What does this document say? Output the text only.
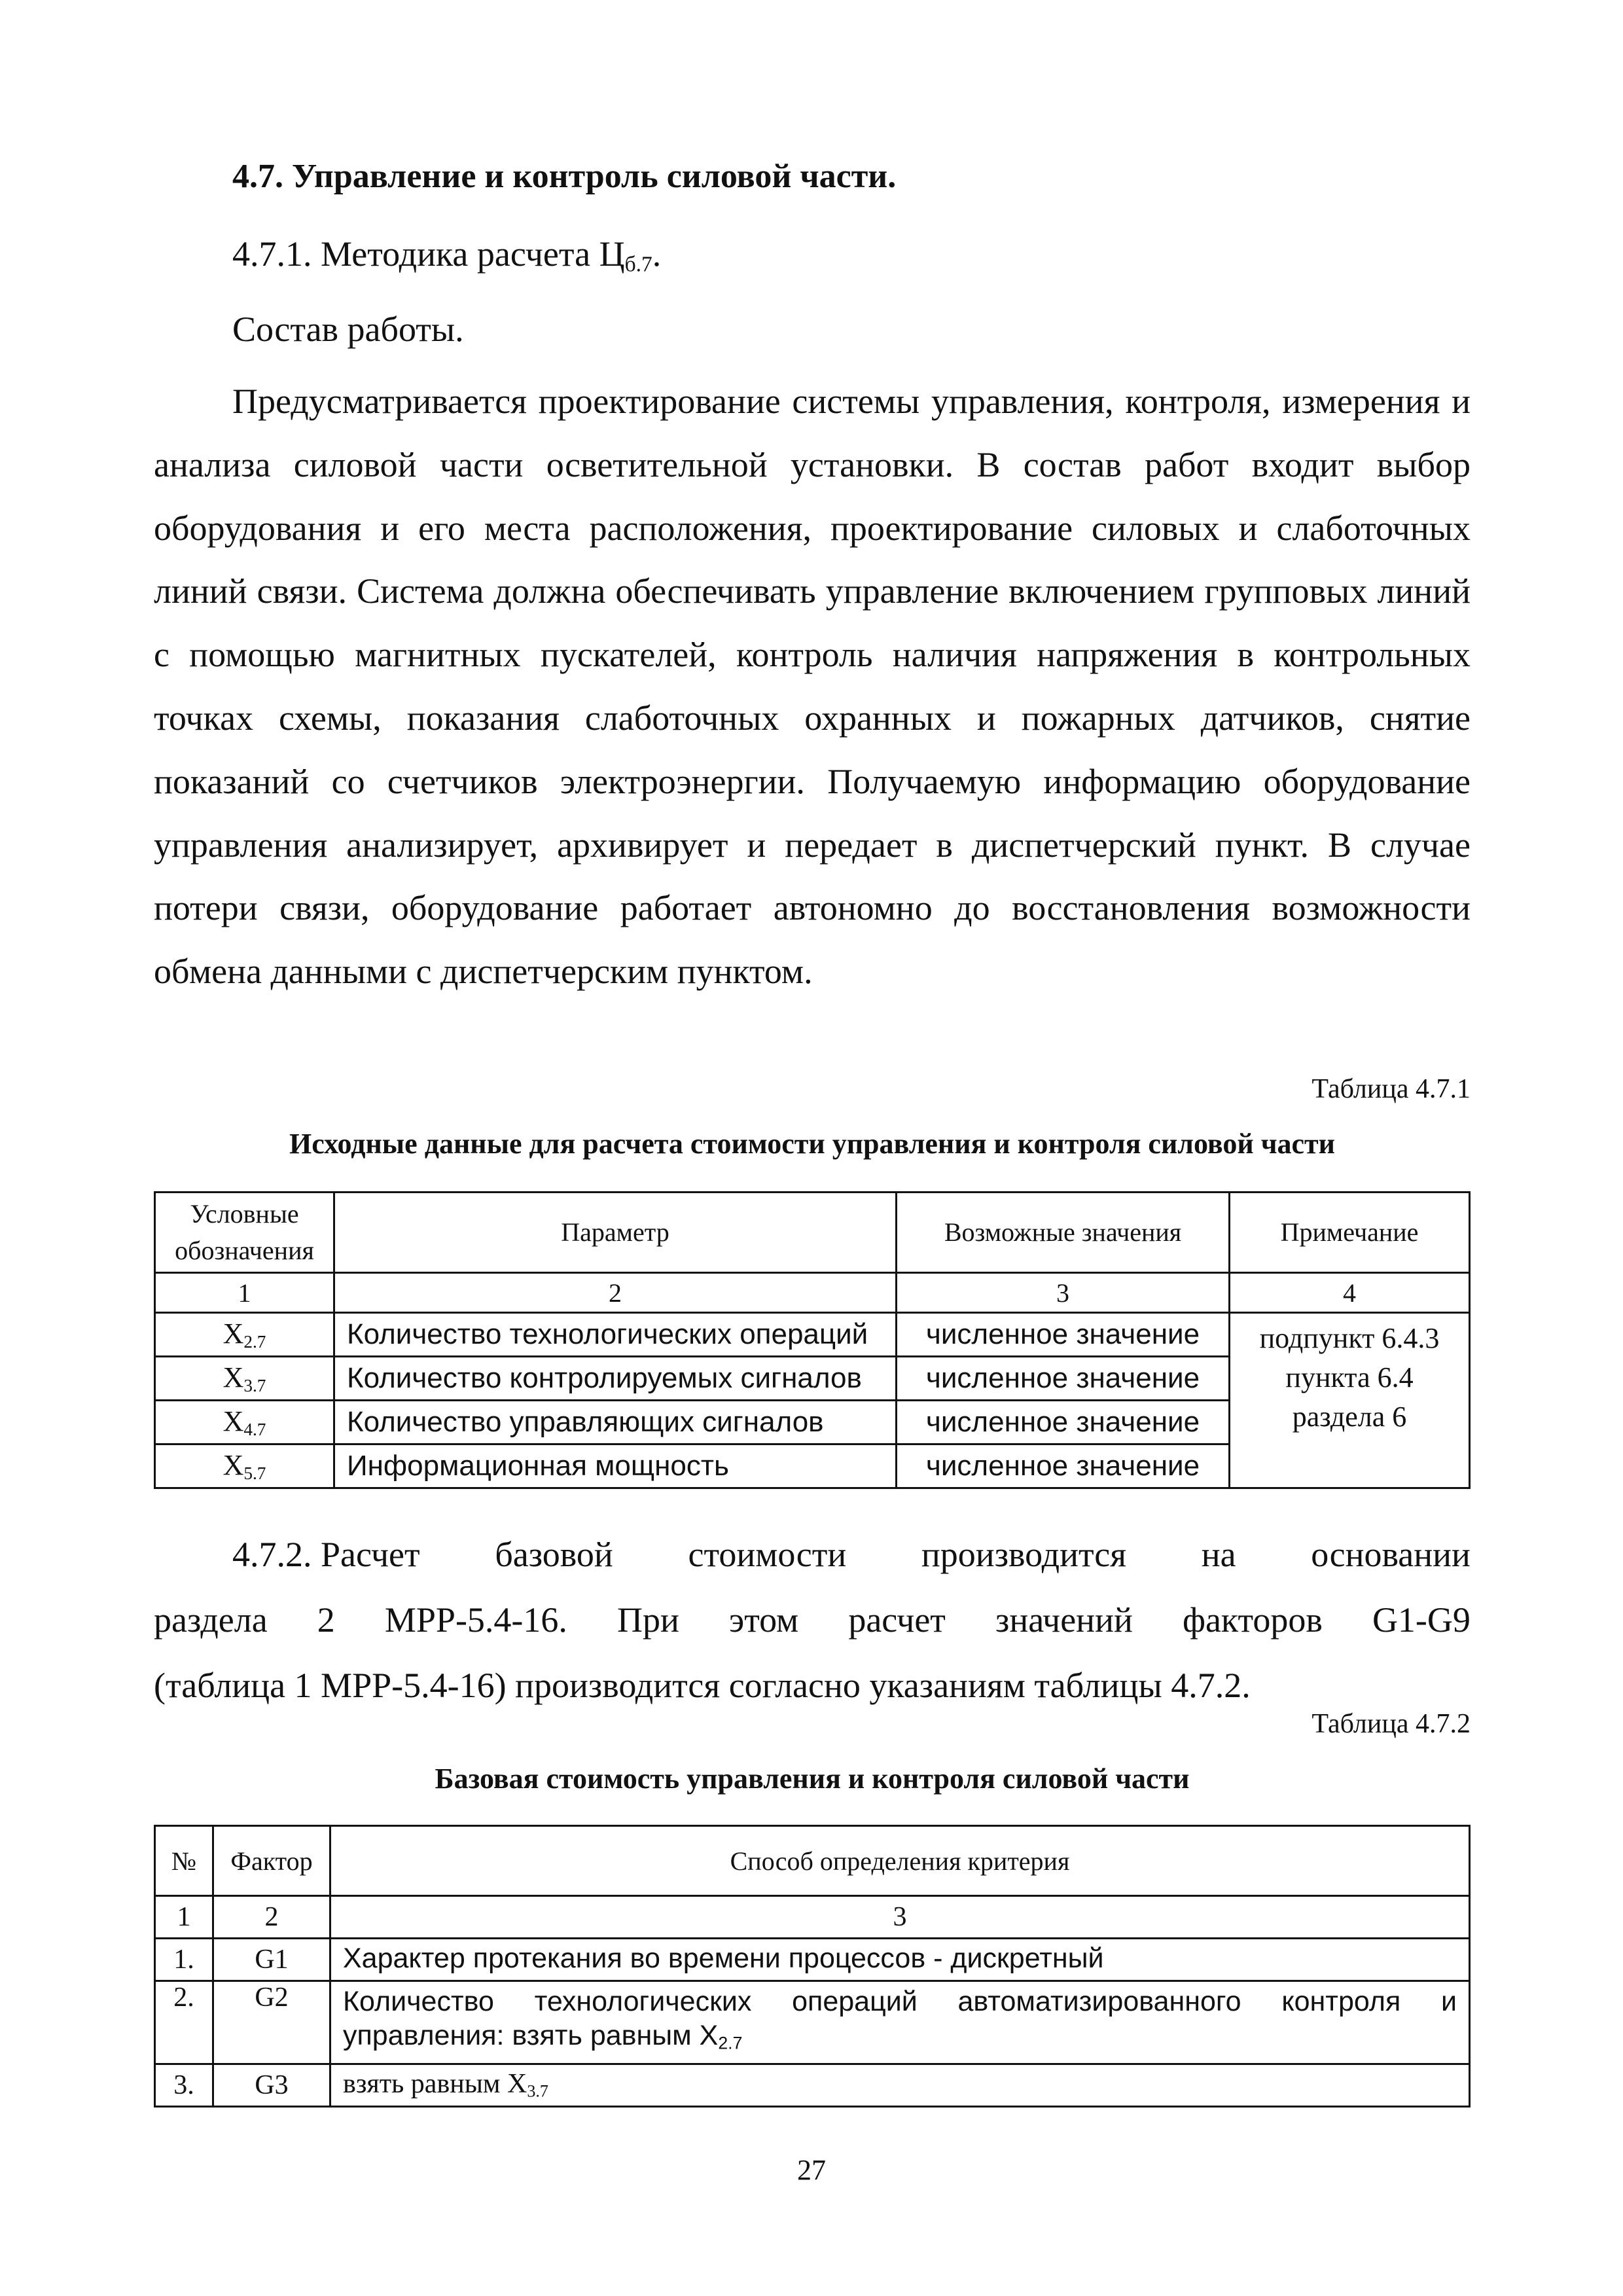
4.7. Управление и контроль силовой части.
4.7.1. Методика расчета $Ц_{б.7}$.
Состав работы.
Предусматривается проектирование системы управления, контроля, измерения и анализа силовой части осветительной установки. В состав работ входит выбор оборудования и его места расположения, проектирование силовых и слаботочных линий связи. Система должна обеспечивать управление включением групповых линий с помощью магнитных пускателей, контроль наличия напряжения в контрольных точках схемы, показания слаботочных охранных и пожарных датчиков, снятие показаний со счетчиков электроэнергии. Получаемую информацию оборудование управления анализирует, архивирует и передает в диспетчерский пункт. В случае потери связи, оборудование работает автономно до восстановления возможности обмена данными с диспетчерским пунктом.
Таблица 4.7.1
Исходные данные для расчета стоимости управления и контроля силовой части
Условные обозначения	Параметр	Возможные значения	Примечание
1	2	3	4
$X_{2.7}$	Количество технологических операций	численное значение	подпункт 6.4.3 пункта 6.4 раздела 6
$X_{3.7}$	Количество контролируемых сигналов	численное значение	
$X_{4.7}$	Количество управляющих сигналов	численное значение	
$X_{5.7}$	Информационная мощность	численное значение	
4.7.2. Расчет базовой стоимости производится на основании
раздела 2 МРР-5.4-16. При этом расчет значений факторов G1-G9
(таблица 1 МРР-5.4-16) производится согласно указаниям таблицы 4.7.2.
Таблица 4.7.2
Базовая стоимость управления и контроля силовой части
№	Фактор	Способ определения критерия
1	2	3
1.	G1	Характер протекания во времени процессов - дискретный
2.	G2	Количество технологических операций автоматизированного контроля и управления: взять равным $X_{2.7}$
3.	G3	взять равным $X_{3.7}$
27
